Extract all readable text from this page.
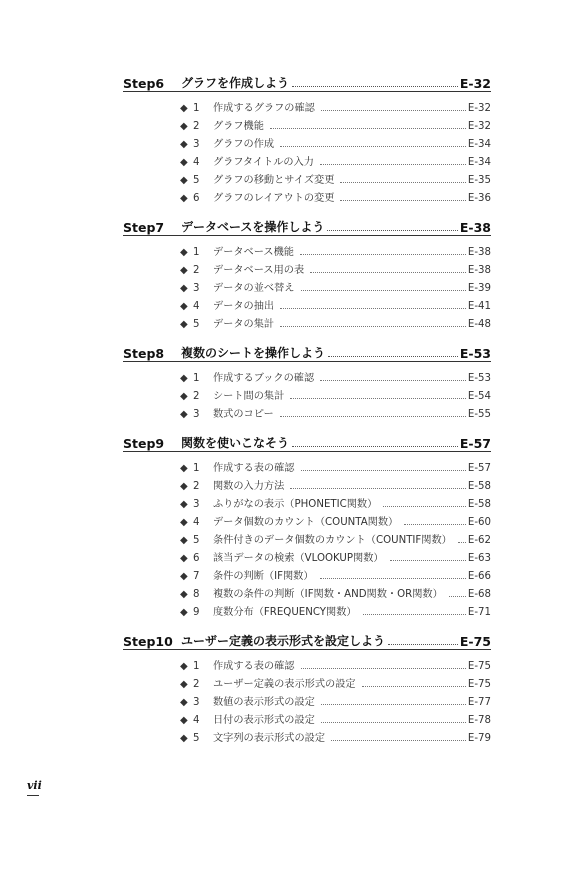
Step6	グラフを作成しよう	E-32
◆ 1	作成するグラフの確認	E-32
◆ 2	グラフ機能	E-32
◆ 3	グラフの作成	E-34
◆ 4	グラフタイトルの入力	E-34
◆ 5	グラフの移動とサイズ変更	E-35
◆ 6	グラフのレイアウトの変更	E-36
Step7	データベースを操作しよう	E-38
◆ 1	データベース機能	E-38
◆ 2	データベース用の表	E-38
◆ 3	データの並べ替え	E-39
◆ 4	データの抽出	E-41
◆ 5	データの集計	E-48
Step8	複数のシートを操作しよう	E-53
◆ 1	作成するブックの確認	E-53
◆ 2	シート間の集計	E-54
◆ 3	数式のコピー	E-55
Step9	関数を使いこなそう	E-57
◆ 1	作成する表の確認	E-57
◆ 2	関数の入力方法	E-58
◆ 3	ふりがなの表示（PHONETIC関数）	E-58
◆ 4	データ個数のカウント（COUNTA関数）	E-60
◆ 5	条件付きのデータ個数のカウント（COUNTIF関数） E-62
◆ 6	該当データの検索（VLOOKUP関数）	E-63
◆ 7	条件の判断（IF関数）	E-66
◆ 8	複数の条件の判断（IF関数・AND関数・OR関数） E-68
◆ 9	度数分布（FREQUENCY関数）	E-71
Step10 ユーザー定義の表示形式を設定しよう	E-75
◆ 1	作成する表の確認	E-75
◆ 2	ユーザー定義の表示形式の設定	E-75
◆ 3	数値の表示形式の設定	E-77
◆ 4	日付の表示形式の設定	E-78
◆ 5	文字列の表示形式の設定	E-79
vii
